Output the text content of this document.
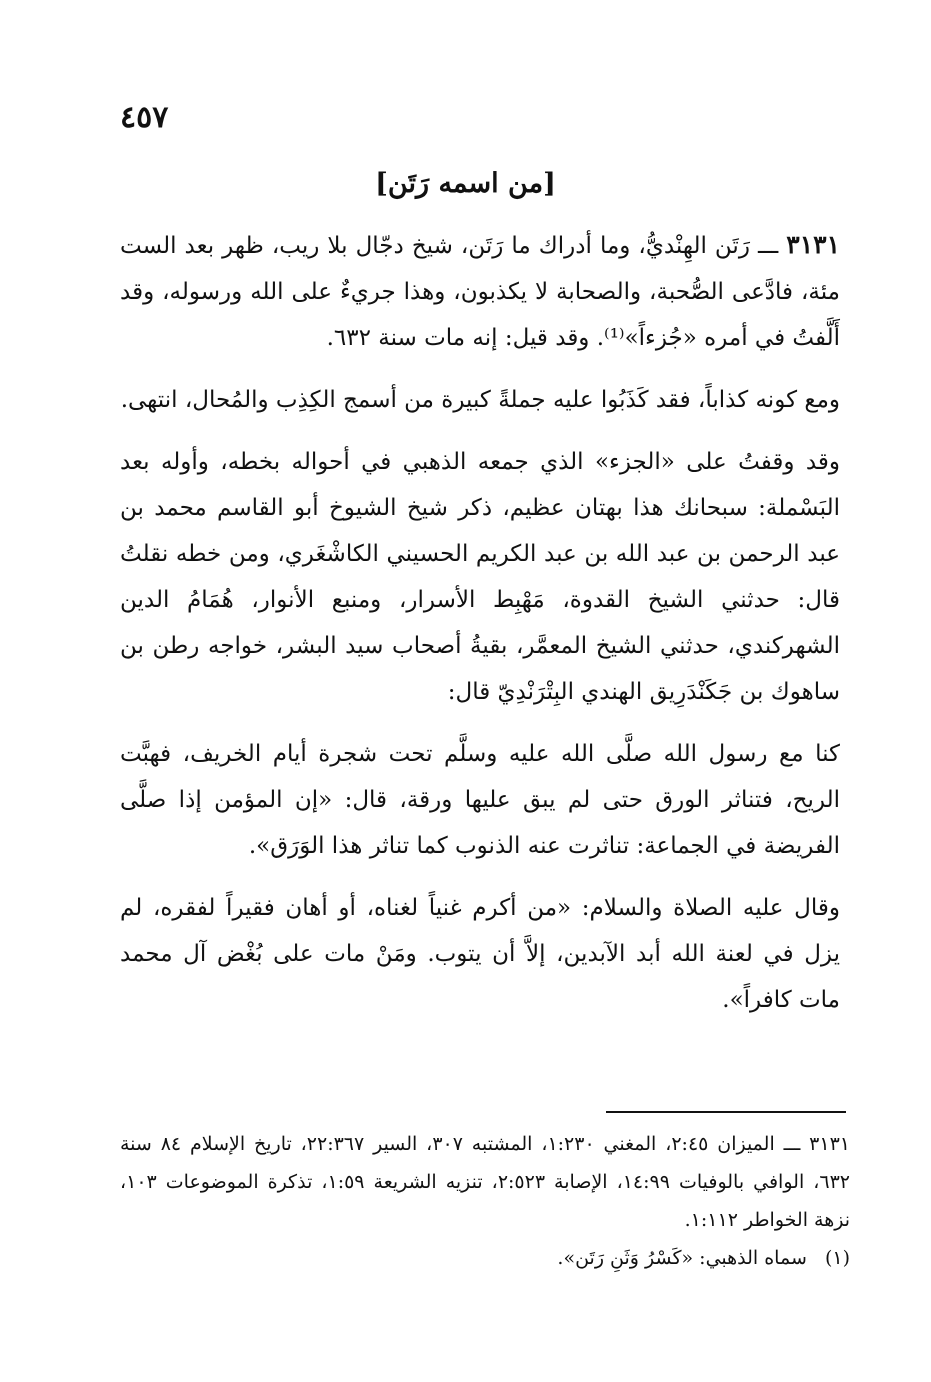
٤٥٧
[من اسمه رَتَن]

٣١٣١ ـــ رَتَن الهِنْديُّ، وما أدراك ما رَتَن، شيخ دجّال بلا ريب، ظهر بعد الست مئة، فادَّعى الصُّحبة، والصحابة لا يكذبون، وهذا جريءٌ على الله ورسوله، وقد أَلَّفتُ في أمره «جُزءاً»⁽¹⁾. وقد قيل: إنه مات سنة ٦٣٢.

ومع كونه كذاباً، فقد كَذَبُوا عليه جملةً كبيرة من أسمج الكِذِب والمُحال، انتهى.

وقد وقفتُ على «الجزء» الذي جمعه الذهبي في أحواله بخطه، وأوله بعد البَسْملة: سبحانك هذا بهتان عظيم، ذكر شيخ الشيوخ أبو القاسم محمد بن عبد الرحمن بن عبد الله بن عبد الكريم الحسيني الكاشْغَري، ومن خطه نقلتُ قال: حدثني الشيخ القدوة، مَهْبِط الأسرار، ومنبع الأنوار، هُمَامُ الدين الشهركندي، حدثني الشيخ المعمَّر، بقيةُ أصحاب سيد البشر، خواجه رطن بن ساهوك بن جَكَنْدَرِيق الهندي البِتْرَنْدِيّ قال:

كنا مع رسول الله صلَّى الله عليه وسلَّم تحت شجرة أيام الخريف، فهبَّت الريح، فتناثر الورق حتى لم يبق عليها ورقة، قال: «إن المؤمن إذا صلَّى الفريضة في الجماعة: تناثرت عنه الذنوب كما تناثر هذا الوَرَق».

وقال عليه الصلاة والسلام: «من أكرم غنياً لغناه، أو أهان فقيراً لفقره، لم يزل في لعنة الله أبد الآبدين، إلاَّ أن يتوب. ومَنْ مات على بُغْض آل محمد مات كافراً».

٣١٣١ ـــ الميزان ٢:٤٥، المغني ١:٢٣٠، المشتبه ٣٠٧، السير ٢٢:٣٦٧، تاريخ الإسلام ٨٤ سنة ٦٣٢، الوافي بالوفيات ١٤:٩٩، الإصابة ٢:٥٢٣، تنزيه الشريعة ١:٥٩، تذكرة الموضوعات ١٠٣، نزهة الخواطر ١:١١٢.

(١) سماه الذهبي: «كَسْرُ وَثَنِ رَتَن».
